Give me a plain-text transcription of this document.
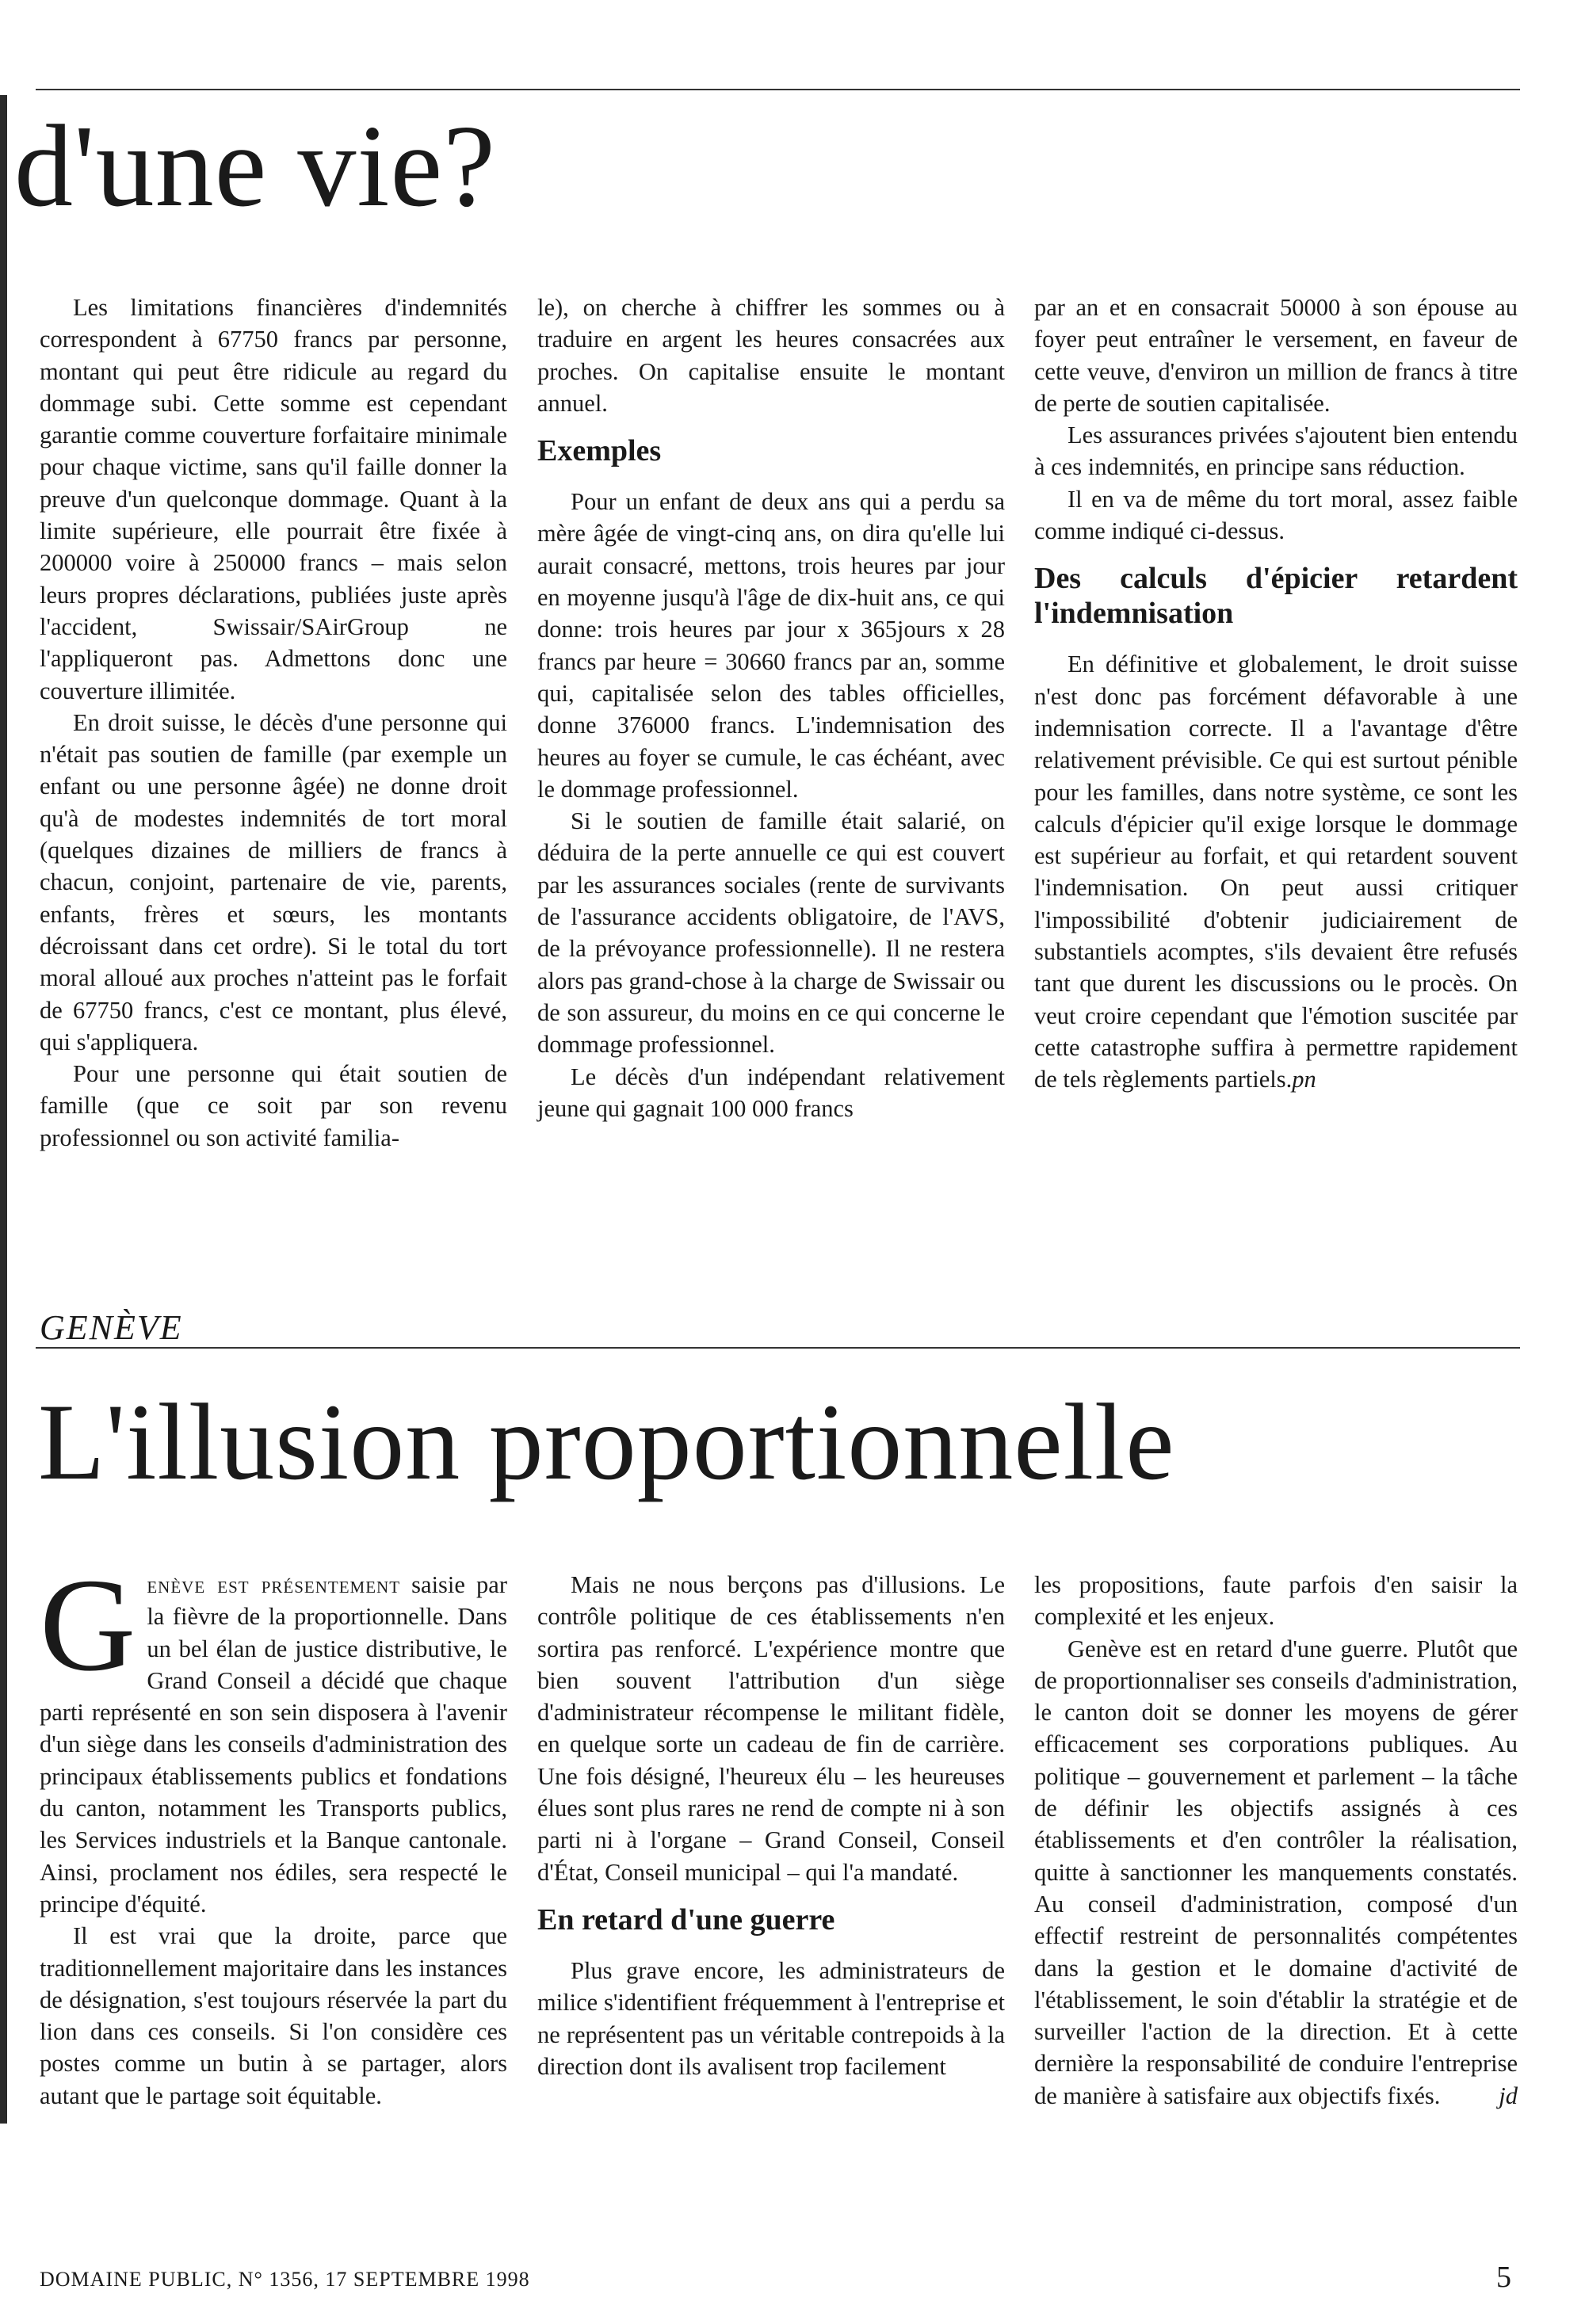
d'une vie?

Les limitations financières d'indemnités correspondent à 67750 francs par personne, montant qui peut être ridicule au regard du dommage subi. Cette somme est cependant garantie comme couverture forfaitaire minimale pour chaque victime, sans qu'il faille donner la preuve d'un quelconque dommage. Quant à la limite supérieure, elle pourrait être fixée à 200000 voire à 250000 francs – mais selon leurs propres déclarations, publiées juste après l'accident, Swissair/SAirGroup ne l'appliqueront pas. Admettons donc une couverture illimitée.

En droit suisse, le décès d'une personne qui n'était pas soutien de famille (par exemple un enfant ou une personne âgée) ne donne droit qu'à de modestes indemnités de tort moral (quelques dizaines de milliers de francs à chacun, conjoint, partenaire de vie, parents, enfants, frères et sœurs, les montants décroissant dans cet ordre). Si le total du tort moral alloué aux proches n'atteint pas le forfait de 67750 francs, c'est ce montant, plus élevé, qui s'appliquera.

Pour une personne qui était soutien de famille (que ce soit par son revenu professionnel ou son activité familia-

le), on cherche à chiffrer les sommes ou à traduire en argent les heures consacrées aux proches. On capitalise ensuite le montant annuel.

Exemples

Pour un enfant de deux ans qui a perdu sa mère âgée de vingt-cinq ans, on dira qu'elle lui aurait consacré, mettons, trois heures par jour en moyenne jusqu'à l'âge de dix-huit ans, ce qui donne: trois heures par jour x 365jours x 28 francs par heure = 30660 francs par an, somme qui, capitalisée selon des tables officielles, donne 376000 francs. L'indemnisation des heures au foyer se cumule, le cas échéant, avec le dommage professionnel.

Si le soutien de famille était salarié, on déduira de la perte annuelle ce qui est couvert par les assurances sociales (rente de survivants de l'assurance accidents obligatoire, de l'AVS, de la prévoyance professionnelle). Il ne restera alors pas grand-chose à la charge de Swissair ou de son assureur, du moins en ce qui concerne le dommage professionnel.

Le décès d'un indépendant relativement jeune qui gagnait 100 000 francs

par an et en consacrait 50000 à son épouse au foyer peut entraîner le versement, en faveur de cette veuve, d'environ un million de francs à titre de perte de soutien capitalisée.

Les assurances privées s'ajoutent bien entendu à ces indemnités, en principe sans réduction.

Il en va de même du tort moral, assez faible comme indiqué ci-dessus.

Des calculs d'épicier retardent l'indemnisation

En définitive et globalement, le droit suisse n'est donc pas forcément défavorable à une indemnisation correcte. Il a l'avantage d'être relativement prévisible. Ce qui est surtout pénible pour les familles, dans notre système, ce sont les calculs d'épicier qu'il exige lorsque le dommage est supérieur au forfait, et qui retardent souvent l'indemnisation. On peut aussi critiquer l'impossibilité d'obtenir judiciairement de substantiels acomptes, s'ils devaient être refusés tant que durent les discussions ou le procès. On veut croire cependant que l'émotion suscitée par cette catastrophe suffira à permettre rapidement de tels règlements partiels.pn

GENÈVE
L'illusion proportionnelle

Genève est présentement saisie par la fièvre de la proportionnelle. Dans un bel élan de justice distributive, le Grand Conseil a décidé que chaque parti représenté en son sein disposera à l'avenir d'un siège dans les conseils d'administration des principaux établissements publics et fondations du canton, notamment les Transports publics, les Services industriels et la Banque cantonale. Ainsi, proclament nos édiles, sera respecté le principe d'équité.

Il est vrai que la droite, parce que traditionnellement majoritaire dans les instances de désignation, s'est toujours réservée la part du lion dans ces conseils. Si l'on considère ces postes comme un butin à se partager, alors autant que le partage soit équitable.

Mais ne nous berçons pas d'illusions. Le contrôle politique de ces établissements n'en sortira pas renforcé. L'expérience montre que bien souvent l'attribution d'un siège d'administrateur récompense le militant fidèle, en quelque sorte un cadeau de fin de carrière. Une fois désigné, l'heureux élu – les heureuses élues sont plus rares ne rend de compte ni à son parti ni à l'organe – Grand Conseil, Conseil d'État, Conseil municipal – qui l'a mandaté.

En retard d'une guerre

Plus grave encore, les administrateurs de milice s'identifient fréquemment à l'entreprise et ne représentent pas un véritable contrepoids à la direction dont ils avalisent trop facilement

les propositions, faute parfois d'en saisir la complexité et les enjeux.

Genève est en retard d'une guerre. Plutôt que de proportionnaliser ses conseils d'administration, le canton doit se donner les moyens de gérer efficacement ses corporations publiques. Au politique – gouvernement et parlement – la tâche de définir les objectifs assignés à ces établissements et d'en contrôler la réalisation, quitte à sanctionner les manquements constatés. Au conseil d'administration, composé d'un effectif restreint de personnalités compétentes dans la gestion et le domaine d'activité de l'établissement, le soin d'établir la stratégie et de surveiller l'action de la direction. Et à cette dernière la responsabilité de conduire l'entreprise de manière à satisfaire aux objectifs fixés.	jd

DOMAINE PUBLIC, N° 1356, 17 SEPTEMBRE 1998	5
